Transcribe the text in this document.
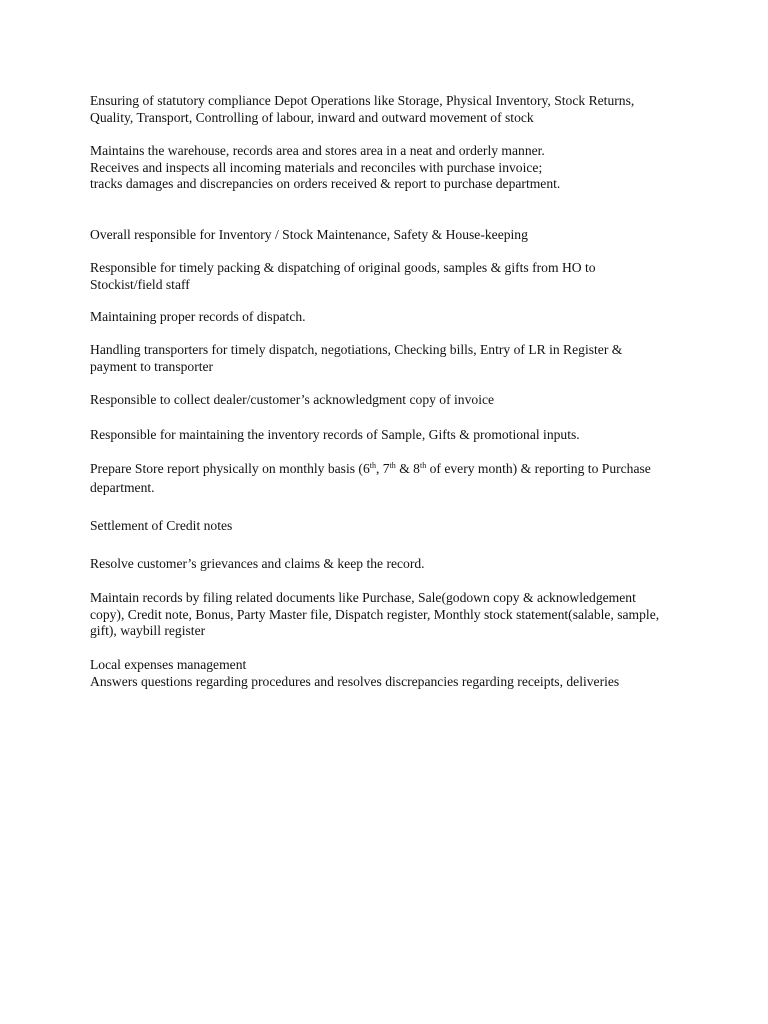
Ensuring of statutory compliance Depot Operations like Storage, Physical Inventory, Stock Returns,
Quality, Transport, Controlling of labour, inward and outward movement of stock

Maintains the warehouse, records area and stores area in a neat and orderly manner.
Receives and inspects all incoming materials and reconciles with purchase invoice;
tracks damages and discrepancies on orders received & report to purchase department.

Overall responsible for Inventory / Stock Maintenance, Safety & House-keeping

Responsible for timely packing & dispatching of original goods, samples & gifts from HO to
Stockist/field staff

Maintaining proper records of dispatch.

Handling transporters for timely dispatch, negotiations, Checking bills, Entry of LR in Register &
payment to transporter

Responsible to collect dealer/customer’s acknowledgment copy of invoice

Responsible for maintaining the inventory records of Sample, Gifts & promotional inputs.

Prepare Store report physically on monthly basis (6th, 7th & 8th of every month) & reporting to Purchase
department.

Settlement of Credit notes

Resolve customer’s grievances and claims & keep the record.

Maintain records by filing related documents like Purchase, Sale(godown copy & acknowledgement
copy), Credit note, Bonus, Party Master file, Dispatch register, Monthly stock statement(salable, sample,
gift), waybill register

Local expenses management
Answers questions regarding procedures and resolves discrepancies regarding receipts, deliveries
